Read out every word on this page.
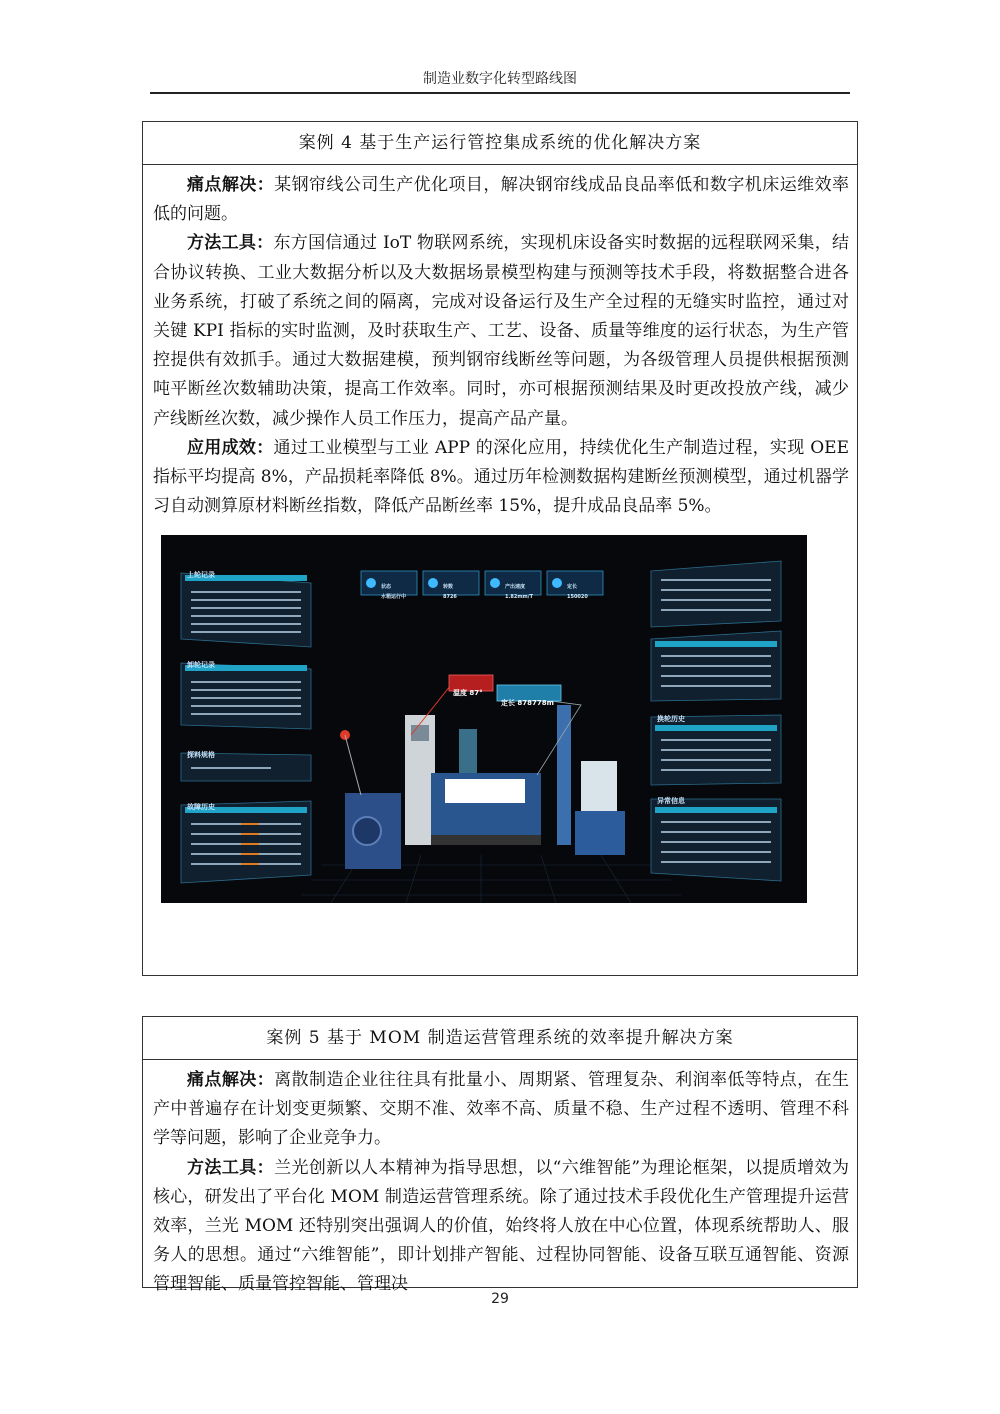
制造业数字化转型路线图
案例 4 基于生产运行管控集成系统的优化解决方案

痛点解决：某钢帘线公司生产优化项目，解决钢帘线成品良品率低和数字机床运维效率低的问题。

方法工具：东方国信通过 IoT 物联网系统，实现机床设备实时数据的远程联网采集，结合协议转换、工业大数据分析以及大数据场景模型构建与预测等技术手段，将数据整合进各业务系统，打破了系统之间的隔离，完成对设备运行及生产全过程的无缝实时监控，通过对关键 KPI 指标的实时监测，及时获取生产、工艺、设备、质量等维度的运行状态，为生产管控提供有效抓手。通过大数据建模，预判钢帘线断丝等问题，为各级管理人员提供根据预测吨平断丝次数辅助决策，提高工作效率。同时，亦可根据预测结果及时更改投放产线，减少产线断丝次数，减少操作人员工作压力，提高产品产量。

应用成效：通过工业模型与工业 APP 的深化应用，持续优化生产制造过程，实现 OEE 指标平均提高 8%，产品损耗率降低 8%。通过历年检测数据构建断丝预测模型，通过机器学习自动测算原材料断丝指数，降低产品断丝率 15%，提升成品良品率 5%。

上轮记录
卸轮记录
探料规格
故障历史
换轮历史
异常信息
状态
水箱运行中
转数
8726
产出速度
1.82mm/T
定长
150020
温度 87°
定长 878778m
案例 5 基于 MOM 制造运营管理系统的效率提升解决方案

痛点解决：离散制造企业往往具有批量小、周期紧、管理复杂、利润率低等特点，在生产中普遍存在计划变更频繁、交期不准、效率不高、质量不稳、生产过程不透明、管理不科学等问题，影响了企业竞争力。

方法工具：兰光创新以人本精神为指导思想，以“六维智能”为理论框架，以提质增效为核心，研发出了平台化 MOM 制造运营管理系统。除了通过技术手段优化生产管理提升运营效率，兰光 MOM 还特别突出强调人的价值，始终将人放在中心位置，体现系统帮助人、服务人的思想。通过“六维智能”，即计划排产智能、过程协同智能、设备互联互通智能、资源管理智能、质量管控智能、管理决

29
